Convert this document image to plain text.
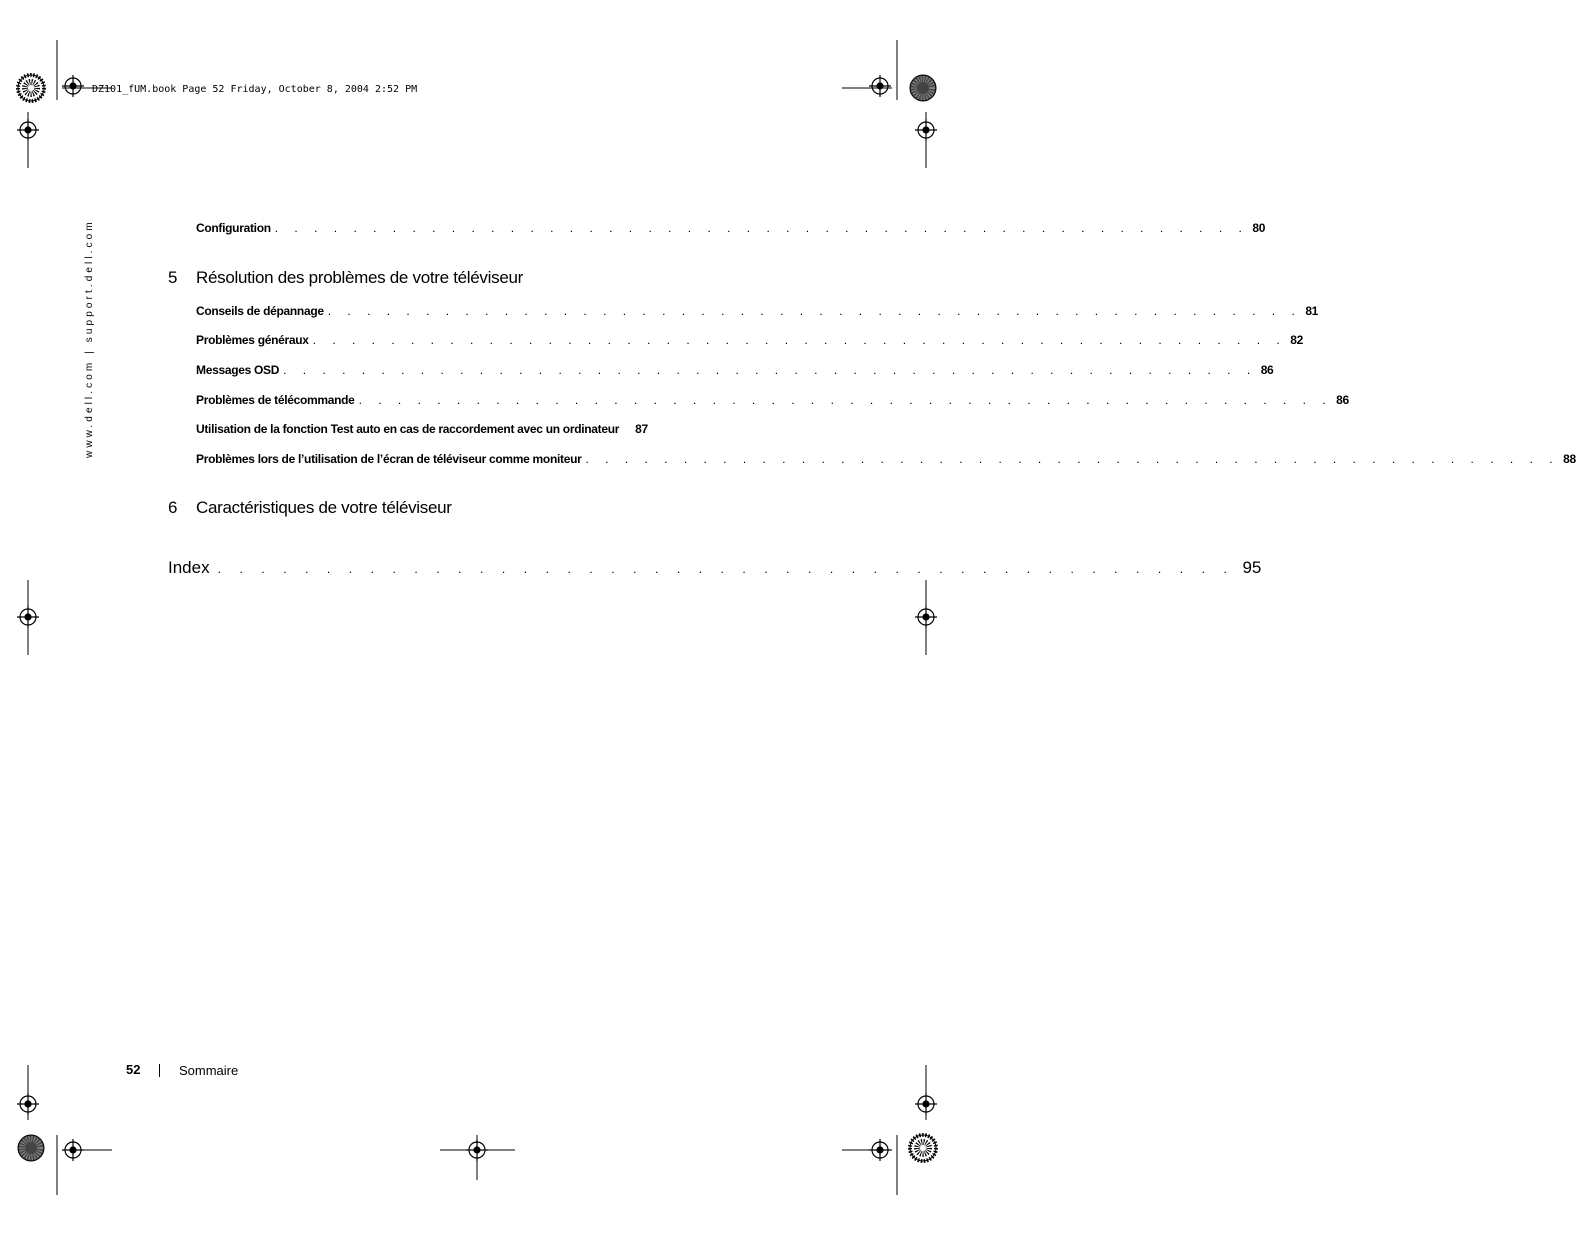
DZ101_fUM.book Page 52 Friday, October 8, 2004 2:52 PM
www.dell.com | support.dell.com	Configuration . . . . . . . . . . . . . . . . . . . . . . . . . . . . . . . . . . . . . . . . . . . . . . . . . . 80
5 Résolution des problèmes de votre téléviseur
Conseils de dépannage . . . . . . . . . . . . . . . . . . . . . . . . . . . . . . . . . . . . . . . . . . . . . . . . . . 81
Problèmes généraux . . . . . . . . . . . . . . . . . . . . . . . . . . . . . . . . . . . . . . . . . . . . . . . . . . 82
Messages OSD . . . . . . . . . . . . . . . . . . . . . . . . . . . . . . . . . . . . . . . . . . . . . . . . . . 86
Problèmes de télécommande . . . . . . . . . . . . . . . . . . . . . . . . . . . . . . . . . . . . . . . . . . . . . . . . . . 86
Utilisation de la fonction Test auto en cas de raccordement avec un ordinateur 87
Problèmes lors de l’utilisation de l’écran de téléviseur comme moniteur . . . . . . . . . . . . . . . . . . . . . . . . . . . . . . . . . . . . . . . . . . . . . . . . . . 88
6 Caractéristiques de votre téléviseur
Index . . . . . . . . . . . . . . . . . . . . . . . . . . . . . . . . . . . . . . . . . . . . . . . 95
52	Sommaire
